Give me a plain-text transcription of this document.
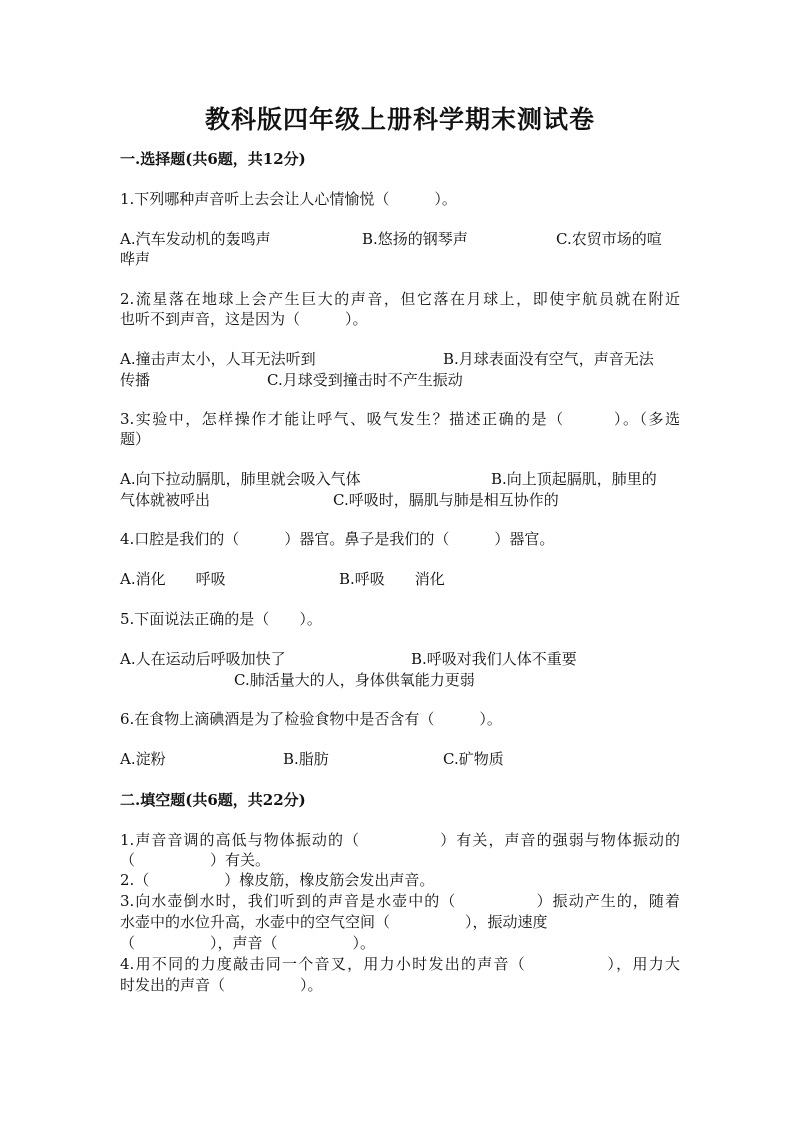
教科版四年级上册科学期末测试卷
一.选择题(共6题，共12分)
1.下列哪种声音听上去会让人心情愉悦（　　　）。
A.汽车发动机的轰鸣声	B.悠扬的钢琴声	C.农贸市场的喧
哗声
2.流星落在地球上会产生巨大的声音，但它落在月球上，即使宇航员就在附近
也听不到声音，这是因为（　　　）。
A.撞击声太小，人耳无法听到	B.月球表面没有空气，声音无法
传播	C.月球受到撞击时不产生振动
3.实验中，怎样操作才能让呼气、吸气发生？描述正确的是（　　　）。（多选
题）
A.向下拉动膈肌，肺里就会吸入气体	B.向上顶起膈肌，肺里的
气体就被呼出	C.呼吸时，膈肌与肺是相互协作的
4.口腔是我们的（　　　）器官。鼻子是我们的（　　　）器官。
A.消化　　呼吸	B.呼吸　　消化
5.下面说法正确的是（　　）。
A.人在运动后呼吸加快了	B.呼吸对我们人体不重要
C.肺活量大的人，身体供氧能力更弱
6.在食物上滴碘酒是为了检验食物中是否含有（　　　）。
A.淀粉	B.脂肪	C.矿物质
二.填空题(共6题，共22分)
1.声音音调的高低与物体振动的（　　　　　）有关，声音的强弱与物体振动的
（　　　　　）有关。
2.（　　　　　）橡皮筋，橡皮筋会发出声音。
3.向水壶倒水时，我们听到的声音是水壶中的（　　　　　）振动产生的，随着
水壶中的水位升高，水壶中的空气空间（　　　　　），振动速度
（　　　　　），声音（　　　　　）。
4.用不同的力度敲击同一个音叉，用力小时发出的声音（　　　　　），用力大
时发出的声音（　　　　　）。
